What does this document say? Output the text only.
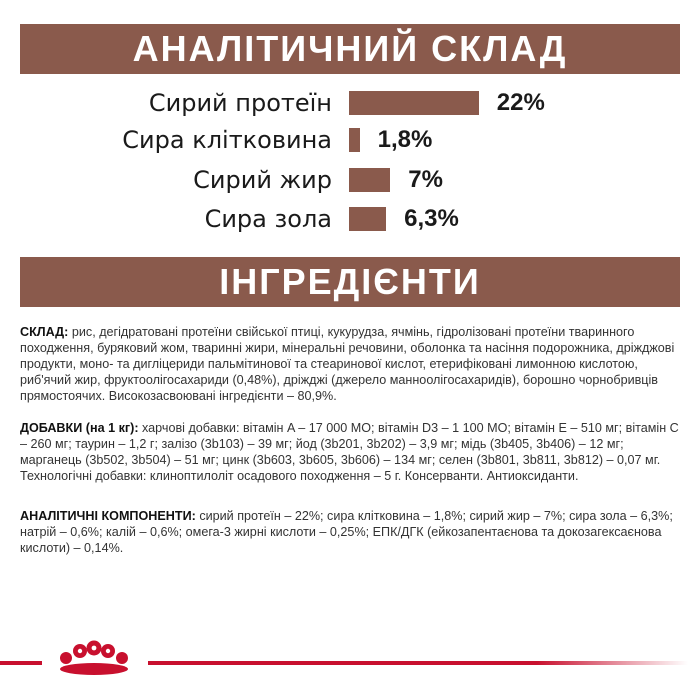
АНАЛІТИЧНИЙ СКЛАД
Сирий протеїн	22%
Сира клітковина 1,8%
Сирий жир	7%
Сира зола	6,3%
ІНГРЕДІЄНТИ
СКЛАД: рис, дегідратовані протеїни свійської птиці, кукурудза, ячмінь, гідролізовані протеїни тваринного походження, буряковий жом, тваринні жири, мінеральні речовини, оболонка та насіння подорожника, дріжджові продукти, моно- та дигліцериди пальмітинової та стеаринової кислот, етерифіковані лимонною кислотою, риб'ячий жир, фруктоолігосахариди (0,48%), дріжджі (джерело манноолігосахаридів), борошно чорнобривців прямостоячих. Високозасвоювані інгредієнти – 80,9%.
ДОБАВКИ (на 1 кг): харчові добавки: вітамін A – 17 000 МО; вітамін D3 – 1 100 МО; вітамін E – 510 мг; вітамін C – 260 мг; таурин – 1,2 г; залізо (3b103) – 39 мг; йод (3b201, 3b202) – 3,9 мг; мідь (3b405, 3b406) – 12 мг; марганець (3b502, 3b504) – 51 мг; цинк (3b603, 3b605, 3b606) – 134 мг; селен (3b801, 3b811, 3b812) – 0,07 мг. Технологічні добавки: клиноптилоліт осадового походження – 5 г. Консерванти. Антиоксиданти.
АНАЛІТИЧНІ КОМПОНЕНТИ: сирий протеїн – 22%; сира клітковина – 1,8%; сирий жир – 7%; сира зола – 6,3%; натрій – 0,6%; калій – 0,6%; омега-3 жирні кислоти – 0,25%; ЕПК/ДГК (ейкозапентаєнова та докозагексаєнова кислоти) – 0,14%.
